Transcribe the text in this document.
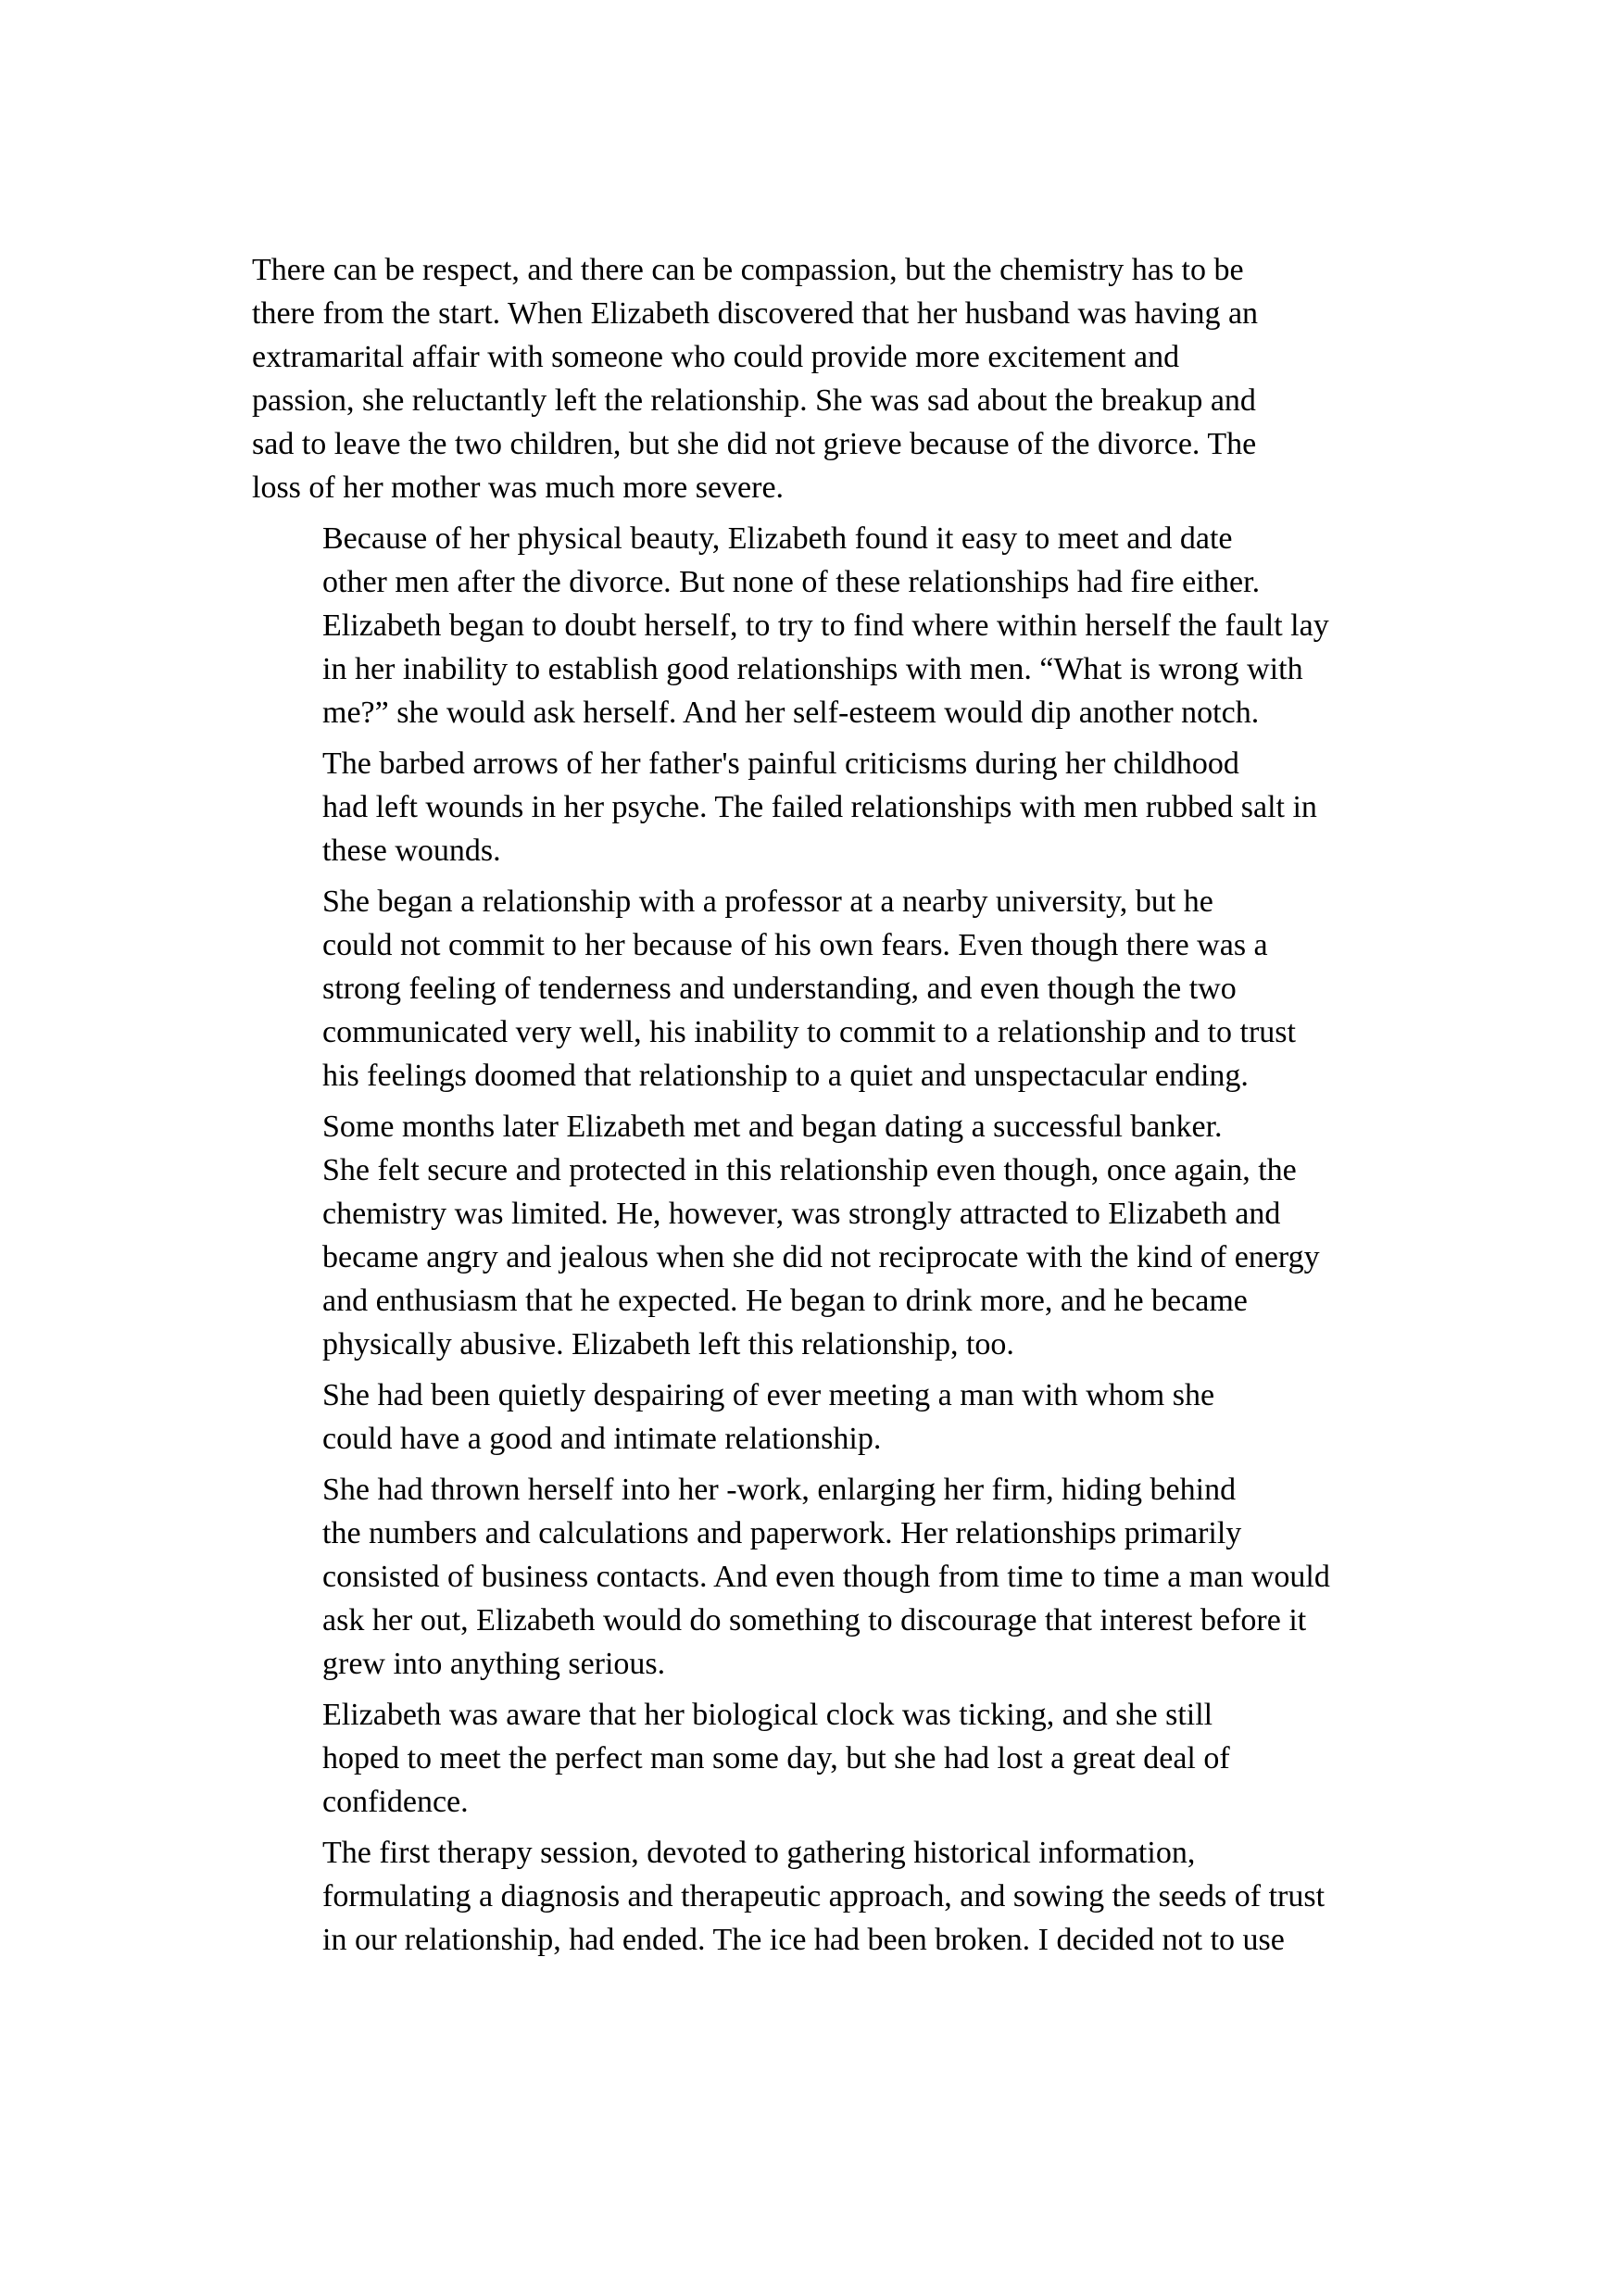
There can be respect, and there can be compassion, but the chemistry has to be
there from the start. When Elizabeth discovered that her husband was having an
extramarital affair with someone who could provide more excitement and
passion, she reluctantly left the relationship. She was sad about the breakup and
sad to leave the two children, but she did not grieve because of the divorce. The
loss of her mother was much more severe.

Because of her physical beauty, Elizabeth found it easy to meet and date
other men after the divorce. But none of these relationships had fire either.
Elizabeth began to doubt herself, to try to find where within herself the fault lay
in her inability to establish good relationships with men. “What is wrong with
me?” she would ask herself. And her self-esteem would dip another notch.

The barbed arrows of her father's painful criticisms during her childhood
had left wounds in her psyche. The failed relationships with men rubbed salt in
these wounds.

She began a relationship with a professor at a nearby university, but he
could not commit to her because of his own fears. Even though there was a
strong feeling of tenderness and understanding, and even though the two
communicated very well, his inability to commit to a relationship and to trust
his feelings doomed that relationship to a quiet and unspectacular ending.

Some months later Elizabeth met and began dating a successful banker.
She felt secure and protected in this relationship even though, once again, the
chemistry was limited. He, however, was strongly attracted to Elizabeth and
became angry and jealous when she did not reciprocate with the kind of energy
and enthusiasm that he expected. He began to drink more, and he became
physically abusive. Elizabeth left this relationship, too.

She had been quietly despairing of ever meeting a man with whom she
could have a good and intimate relationship.

She had thrown herself into her -work, enlarging her firm, hiding behind
the numbers and calculations and paperwork. Her relationships primarily
consisted of business contacts. And even though from time to time a man would
ask her out, Elizabeth would do something to discourage that interest before it
grew into anything serious.

Elizabeth was aware that her biological clock was ticking, and she still
hoped to meet the perfect man some day, but she had lost a great deal of
confidence.

The first therapy session, devoted to gathering historical information,
formulating a diagnosis and therapeutic approach, and sowing the seeds of trust
in our relationship, had ended. The ice had been broken. I decided not to use
